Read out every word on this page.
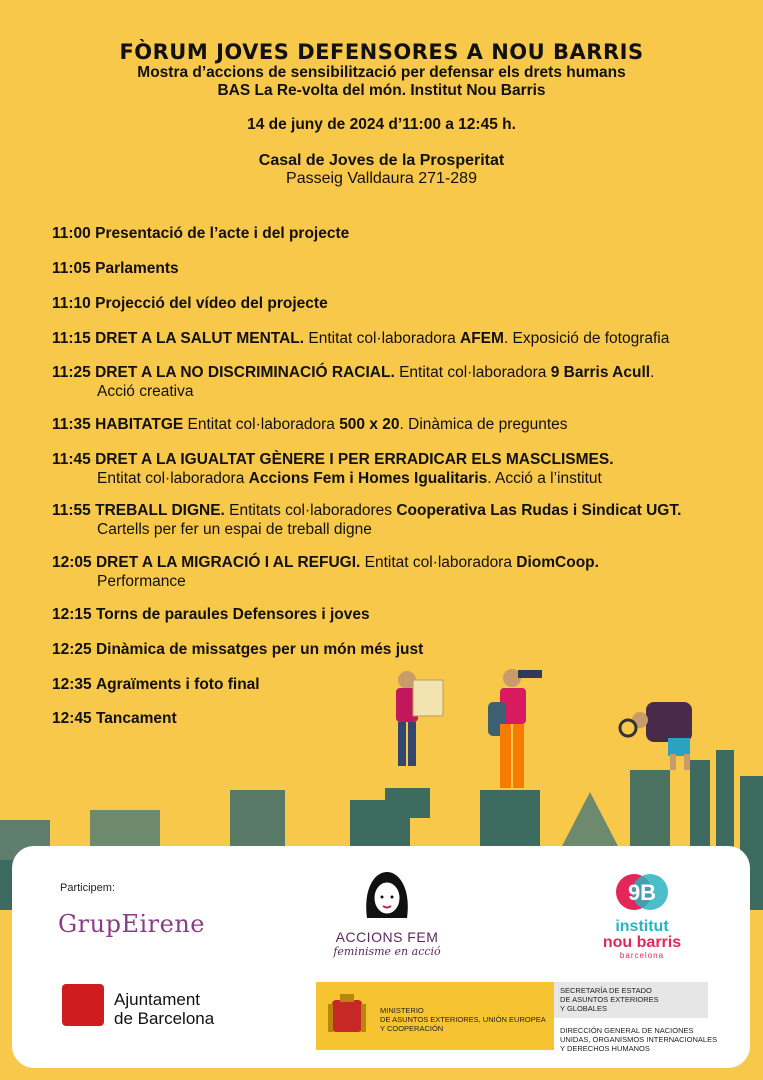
FÒRUM JOVES DEFENSORES A NOU BARRIS
Mostra d’accions de sensibilització per defensar els drets humans
BAS La Re-volta del món. Institut Nou Barris
14 de juny de 2024 d’11:00 a 12:45 h.
Casal de Joves de la Prosperitat
Passeig Valldaura 271-289
11:00 Presentació de l’acte i del projecte
11:05 Parlaments
11:10 Projecció del vídeo del projecte
11:15 DRET A LA SALUT MENTAL. Entitat col·laboradora AFEM. Exposició de fotografia
11:25 DRET A LA NO DISCRIMINACIÓ RACIAL. Entitat col·laboradora 9 Barris Acull.
Acció creativa
11:35 HABITATGE Entitat col·laboradora 500 x 20. Dinàmica de preguntes
11:45 DRET A LA IGUALTAT GÈNERE I PER ERRADICAR ELS MASCLISMES.
Entitat col·laboradora Accions Fem i Homes Igualitaris. Acció a l’institut
11:55 TREBALL DIGNE. Entitats col·laboradores Cooperativa Las Rudas i Sindicat UGT.
Cartells per fer un espai de treball digne
12:05 DRET A LA MIGRACIÓ I AL REFUGI. Entitat col·laboradora DiomCoop.
Performance
12:15 Torns de paraules Defensores i joves
12:25 Dinàmica de missatges per un món més just
12:35 Agraïments i foto final
12:45 Tancament
Participem:
GrupEirene	ACCIONS FEM
feminisme en acció
9B
institut
nou barris
barcelona
Ajuntament
de Barcelona	MINISTERIO
DE ASUNTOS EXTERIORES, UNIÓN EUROPEA
Y COOPERACIÓN
SECRETARÍA DE ESTADO
DE ASUNTOS EXTERIORES
Y GLOBALES
DIRECCIÓN GENERAL DE NACIONES
UNIDAS, ORGANISMOS INTERNACIONALES
Y DERECHOS HUMANOS
